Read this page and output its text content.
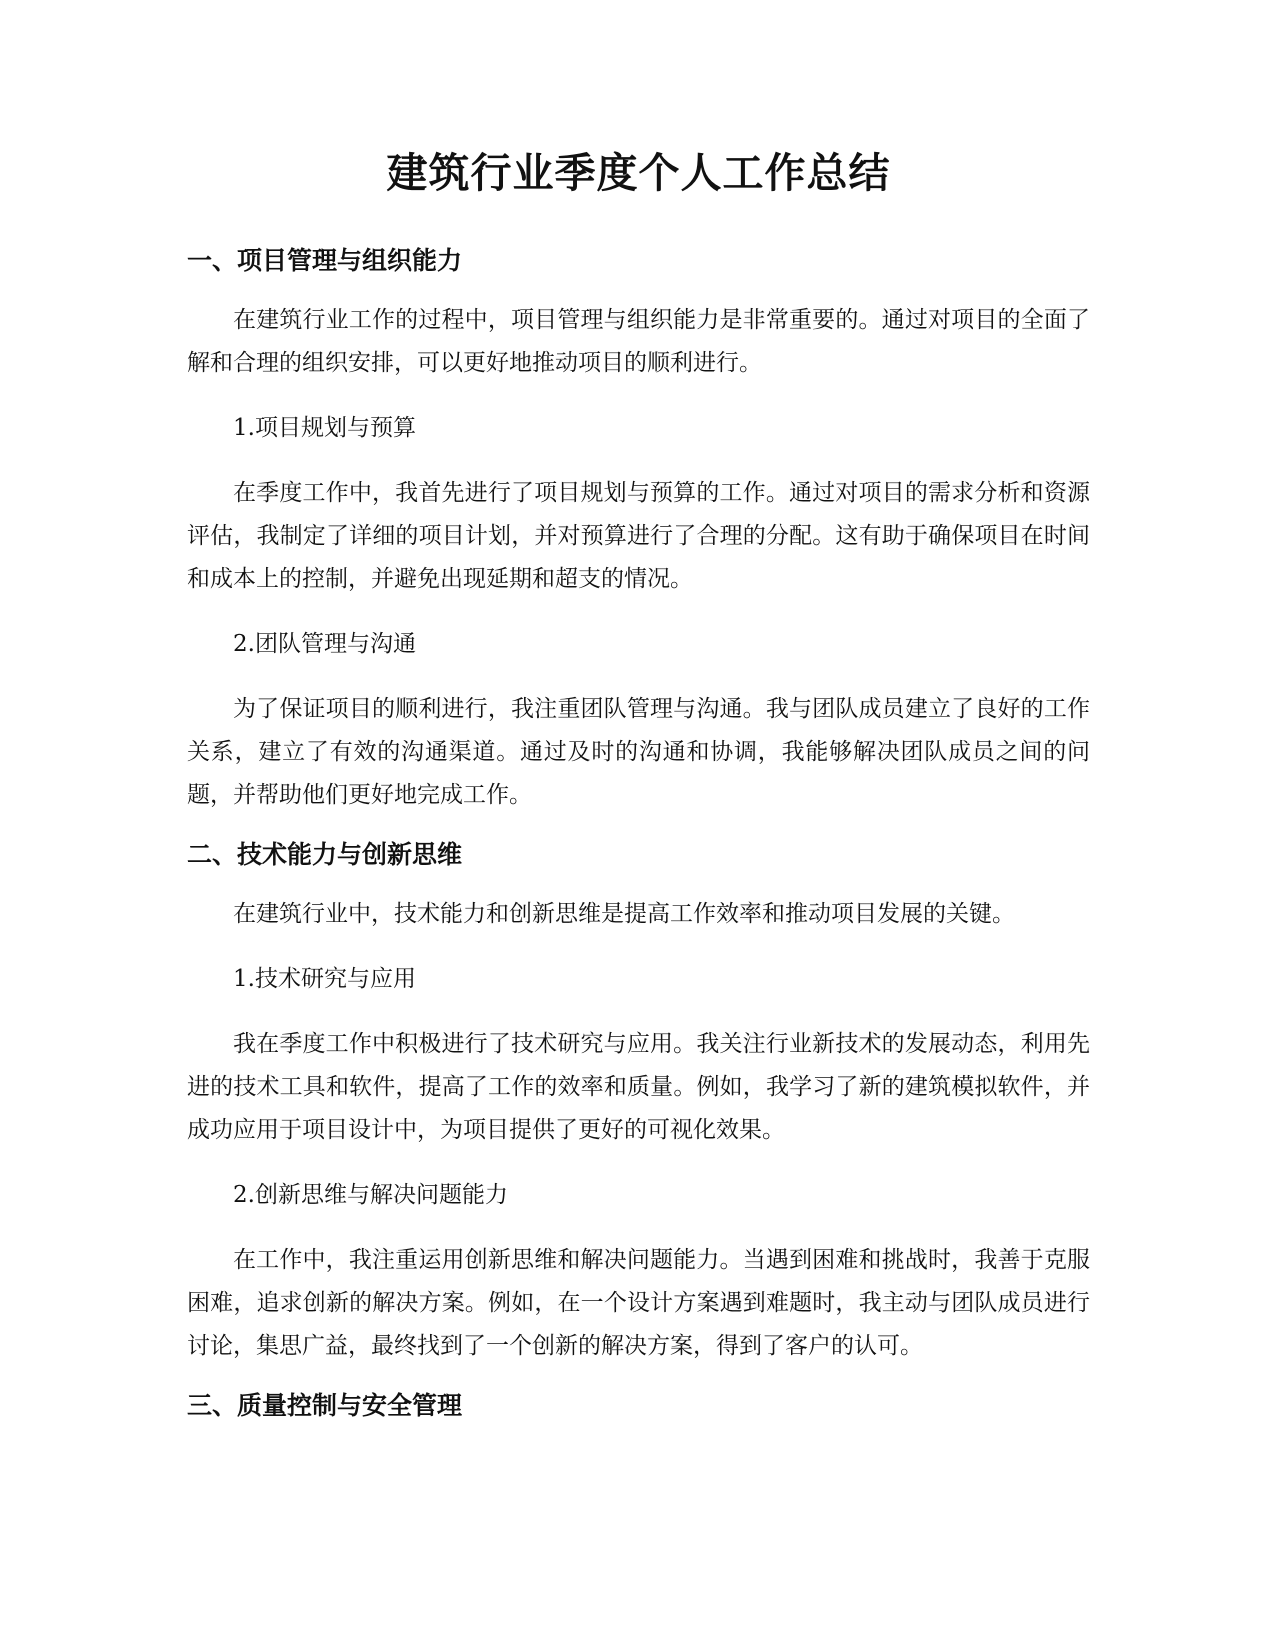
建筑行业季度个人工作总结
一、项目管理与组织能力

在建筑行业工作的过程中，项目管理与组织能力是非常重要的。通过对项目的全面了解和合理的组织安排，可以更好地推动项目的顺利进行。

1.项目规划与预算

在季度工作中，我首先进行了项目规划与预算的工作。通过对项目的需求分析和资源评估，我制定了详细的项目计划，并对预算进行了合理的分配。这有助于确保项目在时间和成本上的控制，并避免出现延期和超支的情况。

2.团队管理与沟通

为了保证项目的顺利进行，我注重团队管理与沟通。我与团队成员建立了良好的工作关系，建立了有效的沟通渠道。通过及时的沟通和协调，我能够解决团队成员之间的问题，并帮助他们更好地完成工作。

二、技术能力与创新思维

在建筑行业中，技术能力和创新思维是提高工作效率和推动项目发展的关键。

1.技术研究与应用

我在季度工作中积极进行了技术研究与应用。我关注行业新技术的发展动态，利用先进的技术工具和软件，提高了工作的效率和质量。例如，我学习了新的建筑模拟软件，并成功应用于项目设计中，为项目提供了更好的可视化效果。

2.创新思维与解决问题能力

在工作中，我注重运用创新思维和解决问题能力。当遇到困难和挑战时，我善于克服困难，追求创新的解决方案。例如，在一个设计方案遇到难题时，我主动与团队成员进行讨论，集思广益，最终找到了一个创新的解决方案，得到了客户的认可。

三、质量控制与安全管理
